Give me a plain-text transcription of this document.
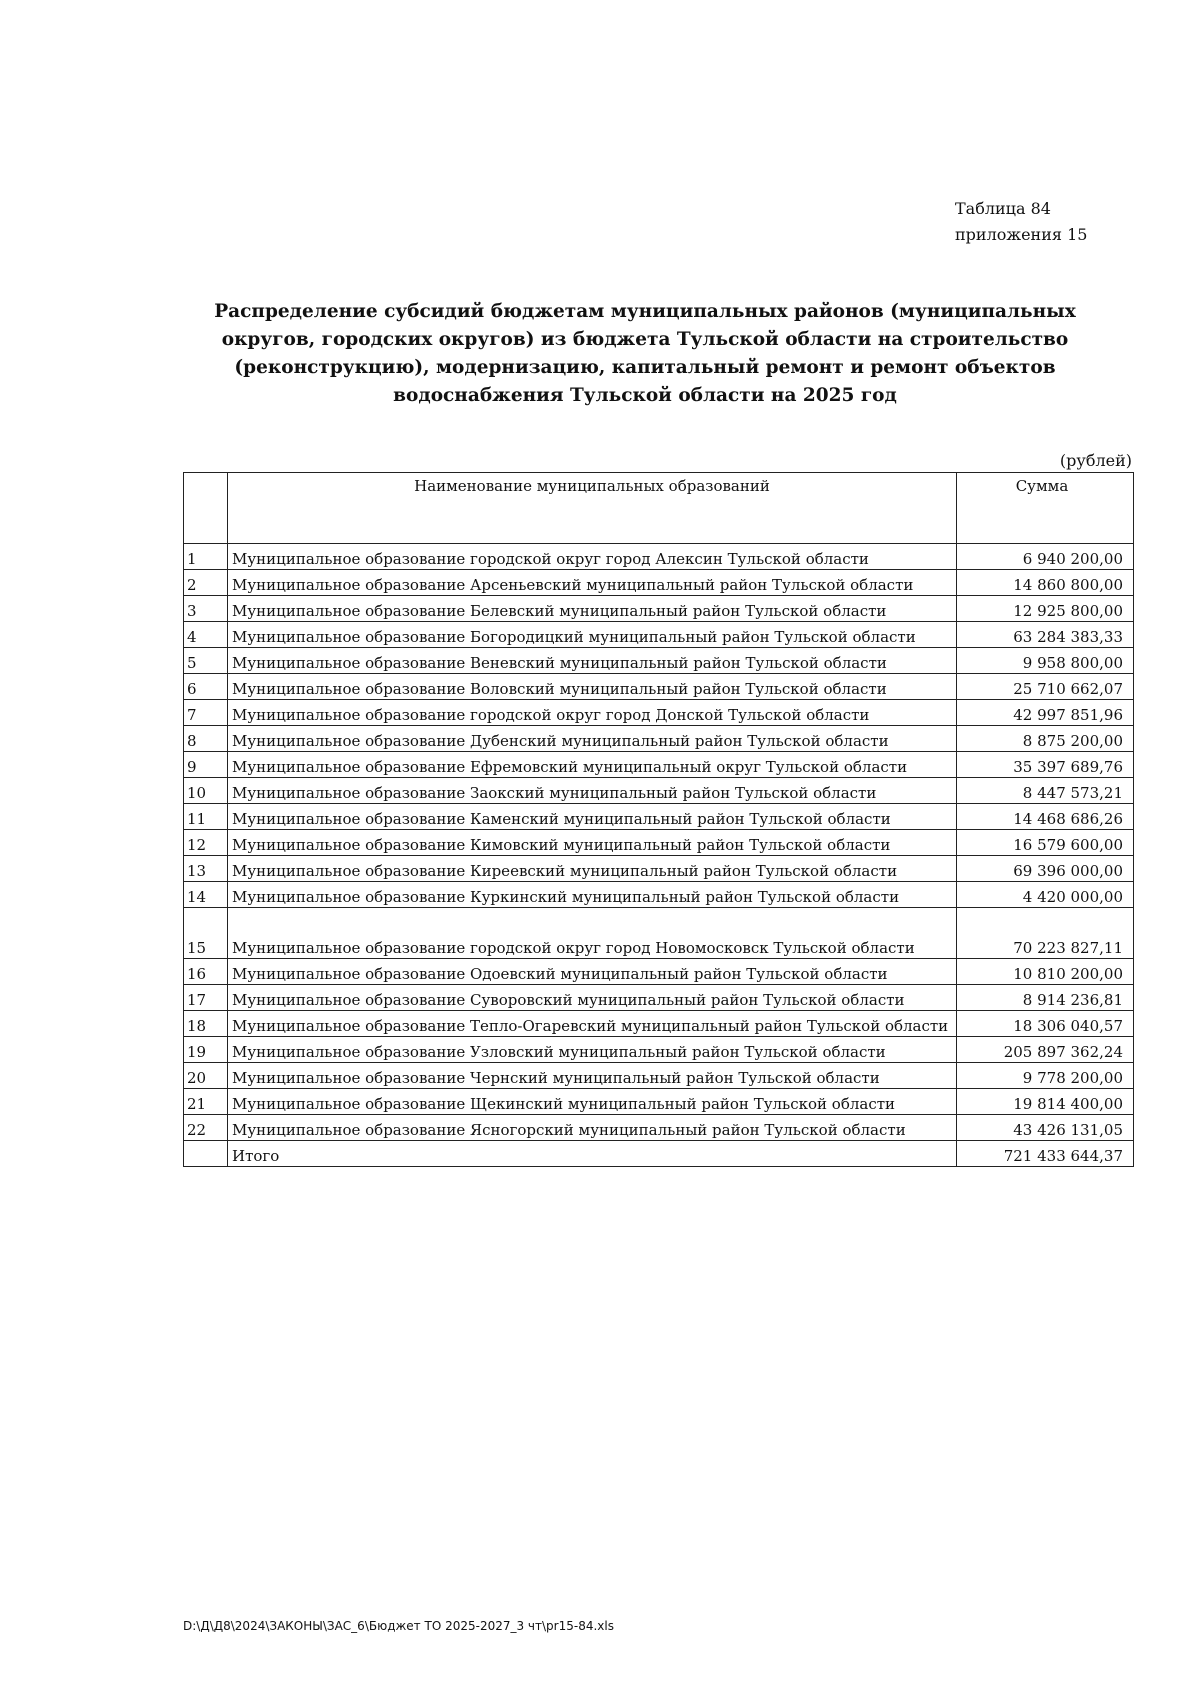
Таблица 84
приложения 15
Распределение субсидий бюджетам муниципальных районов (муниципальных округов, городских округов) из бюджета Тульской области на строительство (реконструкцию), модернизацию, капитальный ремонт и ремонт объектов водоснабжения Тульской области на 2025 год
(рублей)
	Наименование муниципальных образований	Сумма
1	Муниципальное образование городской округ город Алексин Тульской области	6 940 200,00
2	Муниципальное образование Арсеньевский муниципальный район Тульской области	14 860 800,00
3	Муниципальное образование Белевский муниципальный район Тульской области	12 925 800,00
4	Муниципальное образование Богородицкий муниципальный район Тульской области	63 284 383,33
5	Муниципальное образование Веневский муниципальный район Тульской области	9 958 800,00
6	Муниципальное образование Воловский муниципальный район Тульской области	25 710 662,07
7	Муниципальное образование городской округ город Донской Тульской области	42 997 851,96
8	Муниципальное образование Дубенский муниципальный район Тульской области	8 875 200,00
9	Муниципальное образование Ефремовский муниципальный округ Тульской области	35 397 689,76
10	Муниципальное образование Заокский муниципальный район Тульской области	8 447 573,21
11	Муниципальное образование Каменский муниципальный район Тульской области	14 468 686,26
12	Муниципальное образование Кимовский муниципальный район Тульской области	16 579 600,00
13	Муниципальное образование Киреевский муниципальный район Тульской области	69 396 000,00
14	Муниципальное образование Куркинский муниципальный район Тульской области	4 420 000,00
15	Муниципальное образование городской округ город Новомосковск Тульской области	70 223 827,11
16	Муниципальное образование Одоевский муниципальный район Тульской области	10 810 200,00
17	Муниципальное образование Суворовский муниципальный район Тульской области	8 914 236,81
18	Муниципальное образование Тепло-Огаревский муниципальный район Тульской области	18 306 040,57
19	Муниципальное образование Узловский муниципальный район Тульской области	205 897 362,24
20	Муниципальное образование Чернский муниципальный район Тульской области	9 778 200,00
21	Муниципальное образование Щекинский муниципальный район Тульской области	19 814 400,00
22	Муниципальное образование Ясногорский муниципальный район Тульской области	43 426 131,05
	Итого	721 433 644,37
D:\Д\Д8\2024\ЗАКОНЫ\ЗАС_6\Бюджет ТО 2025-2027_3 чт\pr15-84.xls
